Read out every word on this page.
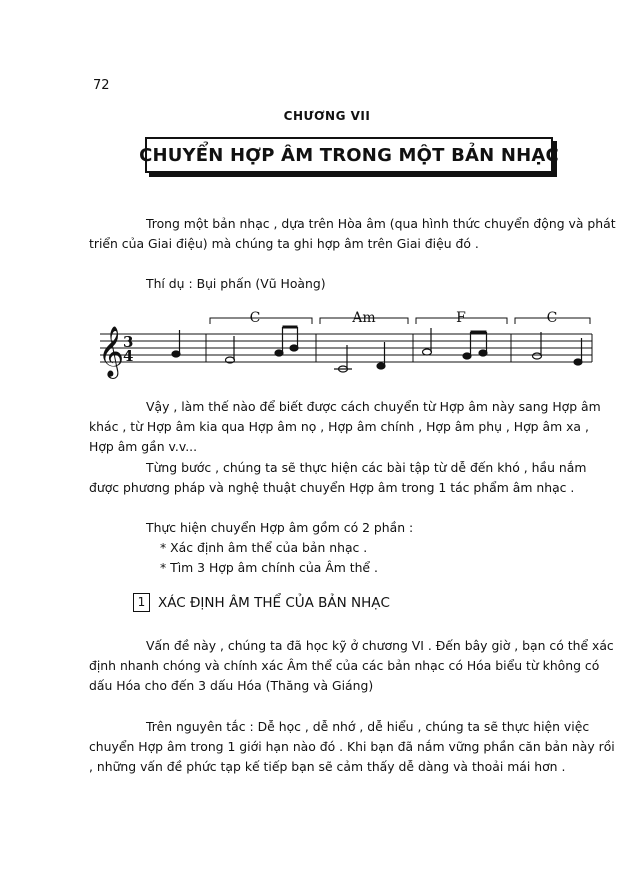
72
CHƯƠNG VII
CHUYỂN HỢP ÂM TRONG MỘT BẢN NHẠC

Trong một bản nhạc , dựa trên Hòa âm (qua hình thức chuyển động và phát triển của Giai điệu) mà chúng ta ghi hợp âm trên Giai điệu đó .

Thí dụ : Bụi phấn (Vũ Hoàng)
𝄞
3
4
C	Am	F	C

Vậy , làm thế nào để biết được cách chuyển từ Hợp âm này sang Hợp âm khác , từ Hợp âm kia qua Hợp âm nọ , Hợp âm chính , Hợp âm phụ , Hợp âm xa , Hợp âm gần v.v...

Từng bước , chúng ta sẽ thực hiện các bài tập từ dễ đến khó , hầu nắm được phương pháp và nghệ thuật chuyển Hợp âm trong 1 tác phẩm âm nhạc .

Thực hiện chuyển Hợp âm gồm có 2 phần :
* Xác định âm thể của bản nhạc .
* Tìm 3 Hợp âm chính của Âm thể .
1 XÁC ĐỊNH ÂM THỂ CỦA BẢN NHẠC

Vấn đề này , chúng ta đã học kỹ ở chương VI . Đến bây giờ , bạn có thể xác định nhanh chóng và chính xác Âm thể của các bản nhạc có Hóa biểu từ không có dấu Hóa cho đến 3 dấu Hóa (Thăng và Giáng)

Trên nguyên tắc : Dễ học , dễ nhớ , dễ hiểu , chúng ta sẽ thực hiện việc chuyển Hợp âm trong 1 giới hạn nào đó . Khi bạn đã nắm vững phần căn bản này rồi , những vấn đề phức tạp kế tiếp bạn sẽ cảm thấy dễ dàng và thoải mái hơn .
